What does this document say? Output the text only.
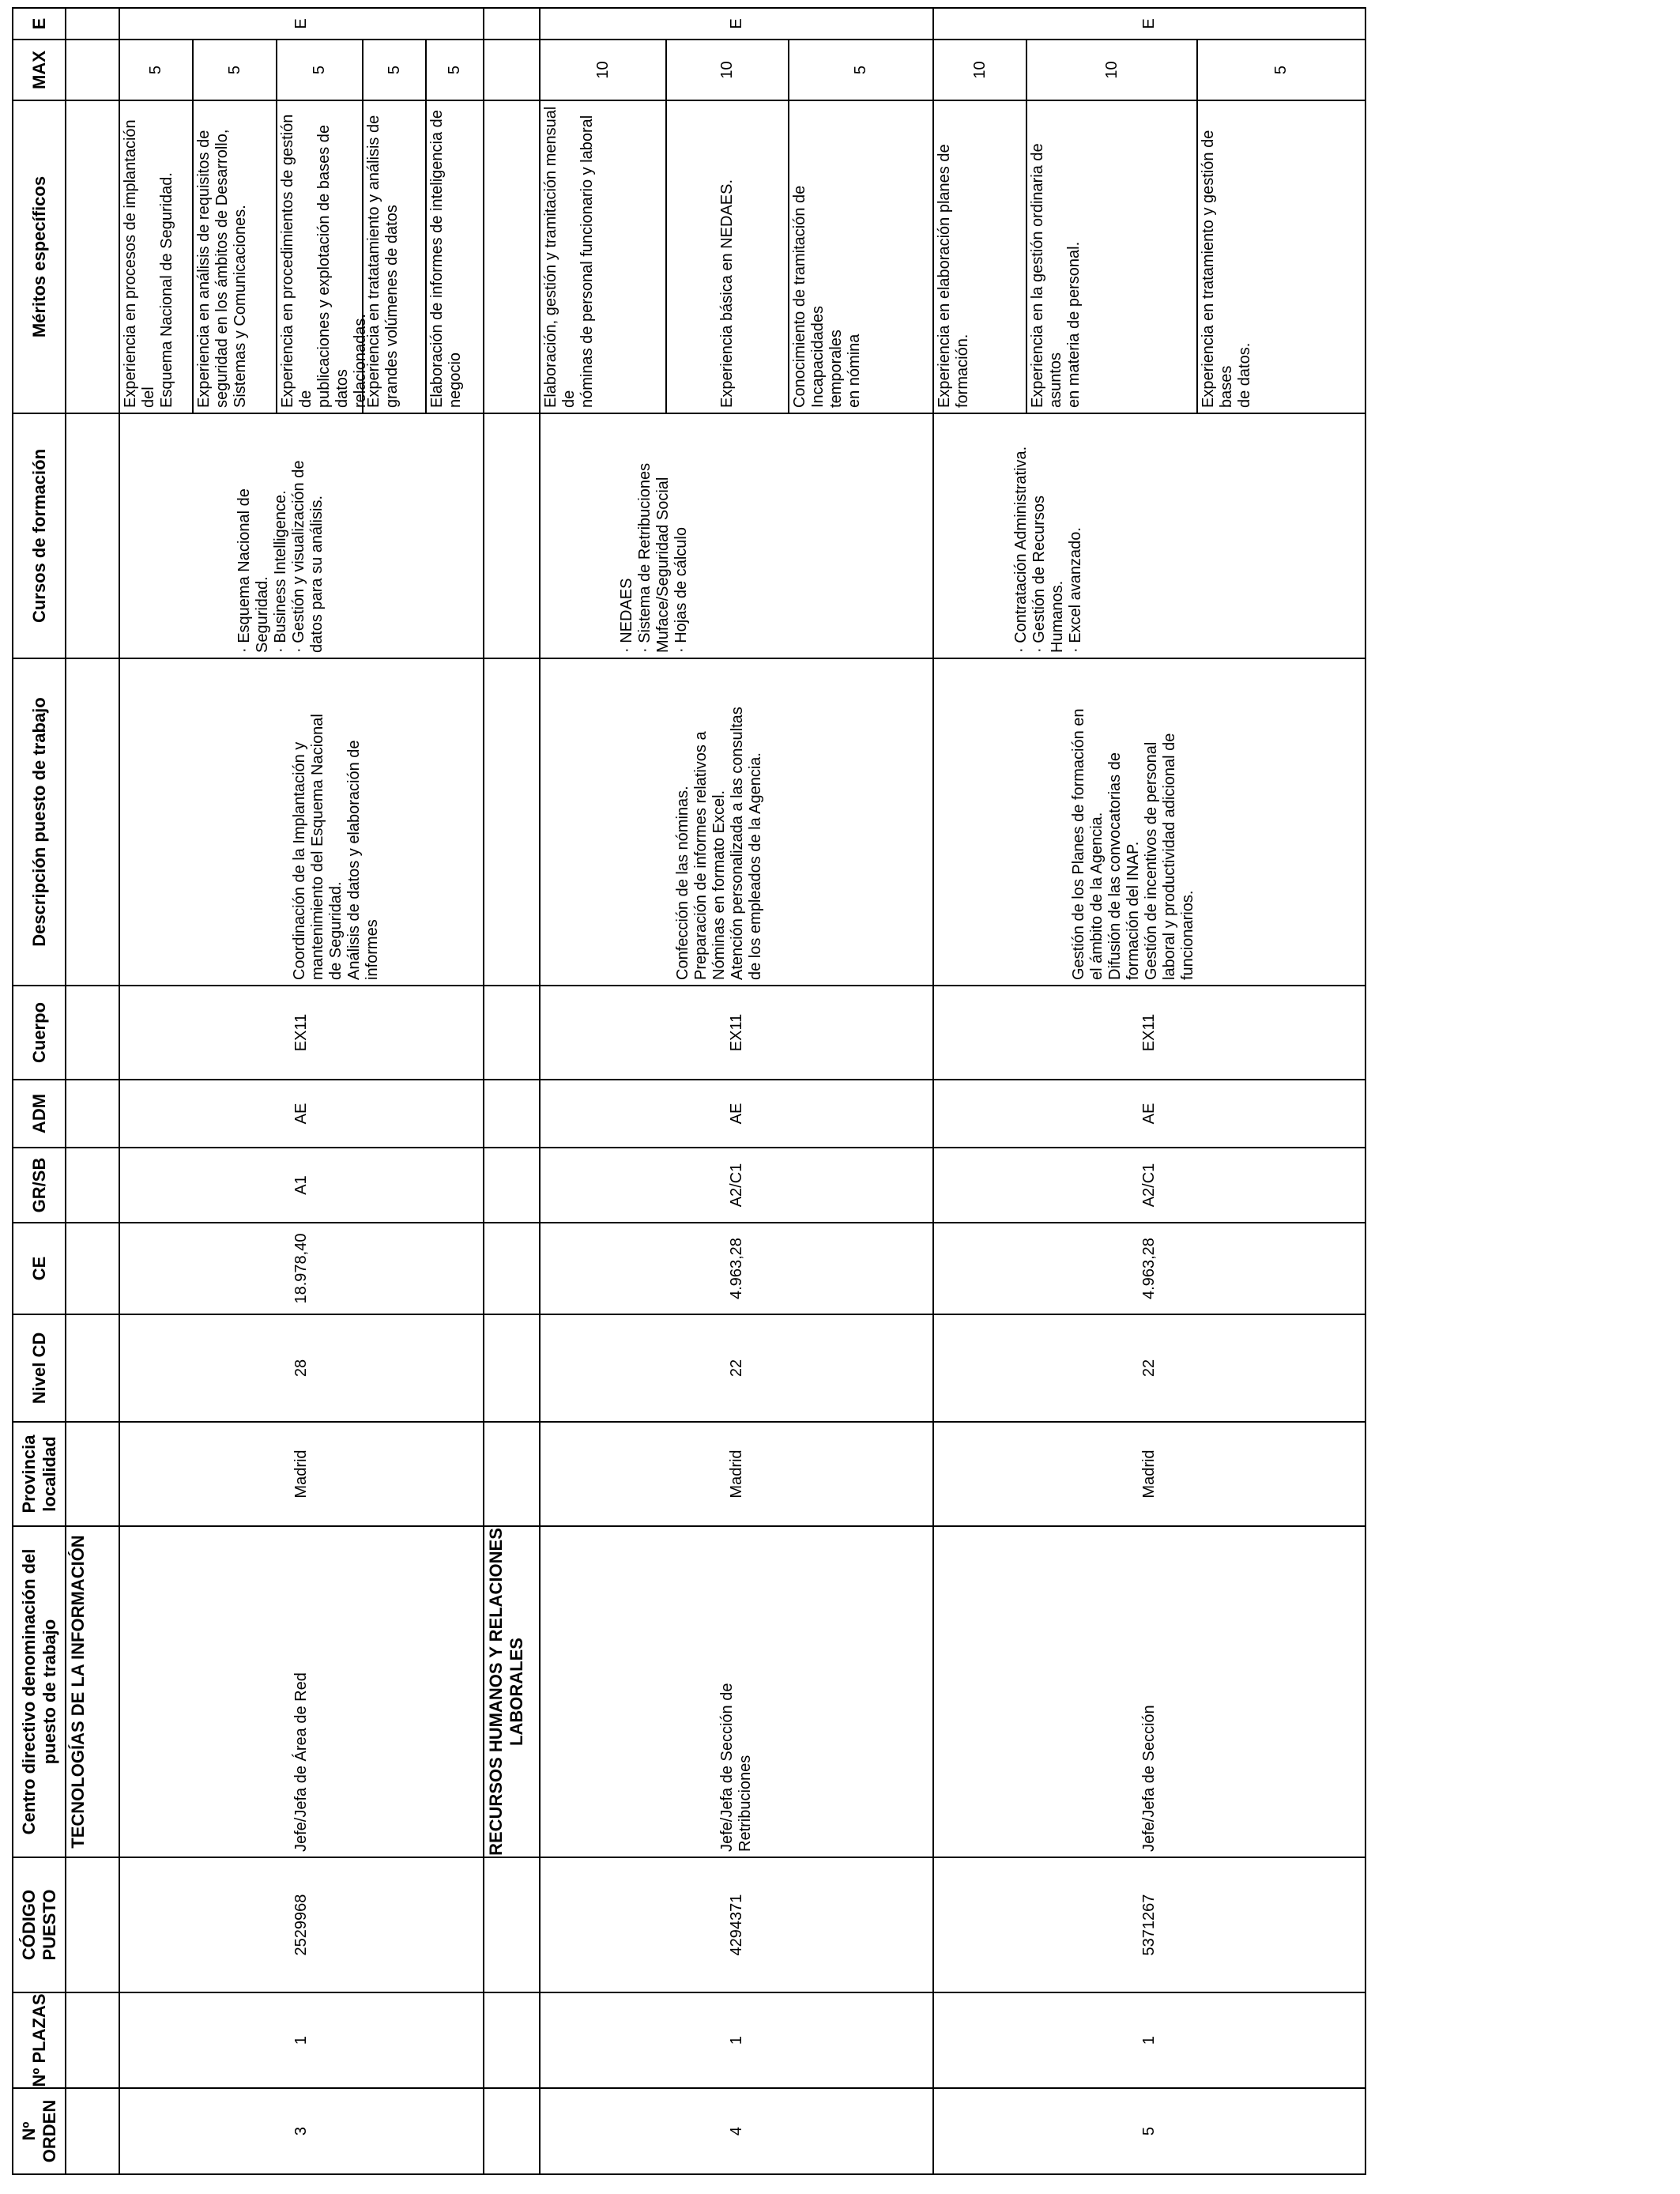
Nº ORDEN
Nº PLAZAS
CÓDIGO PUESTO
Centro directivo denominación del puesto de trabajo
Provincia localidad
Nivel CD
CE
GR/SB
ADM
Cuerpo
Descripción puesto de trabajo
Cursos de formación
Méritos específicos
MAX
E
TECNOLOGÍAS DE LA INFORMACIÓN
3
1
2529968
Jefe/Jefa de Área de Red
Madrid
28
18.978,40
A1
AE
EX11
Coordinación de la Implantación y mantenimiento del Esquema Nacional de Seguridad. Análisis de datos y elaboración de informes
· Esquema Nacional de Seguridad. · Business Intelligence. · Gestión y visualización de datos para su análisis.
Experiencia en procesos de implantación del Esquema Nacional de Seguridad.
5
Experiencia en análisis de requisitos de seguridad en los ámbitos de Desarrollo, Sistemas y Comunicaciones.
5
Experiencia en procedimientos de gestión de publicaciones y explotación de bases de datos relacionadas.
5
Experiencia en tratatamiento y análisis de grandes volúmenes de datos
5
Elaboración de informes de inteligencia de negocio
5
E
RECURSOS HUMANOS Y RELACIONES LABORALES
4
1
4294371
Jefe/Jefa de Sección de Retribuciones
Madrid
22
4.963,28
A2/C1
AE
EX11
Confección de las nóminas. Preparación de informes relativos a Nóminas en formato Excel. Atención personalizada a las consultas de los empleados de la Agencia.
· NEDAES · Sistema de Retribuciones Muface/Seguridad Social · Hojas de cálculo
Elaboración, gestión y tramitación mensual de nóminas de personal funcionario y laboral
10
Experiencia básica en NEDAES.
10
Conocimiento de tramitación de Incapacidades temporales en nómina
5
E
5
1
5371267
Jefe/Jefa de Sección
Madrid
22
4.963,28
A2/C1
AE
EX11
Gestión de los Planes de formación en el ámbito de la Agencia. Difusión de las convocatorias de formación del INAP. Gestión de incentivos de personal laboral y productividad adicional de funcionarios.
· Contratación Administrativa. · Gestión de Recursos Humanos. · Excel avanzado.
Experiencia en elaboración planes de formación.
10
Experiencia en la gestión ordinaria de asuntos en materia de personal.
10
Experiencia en tratamiento y gestión de bases de datos.
5
E
